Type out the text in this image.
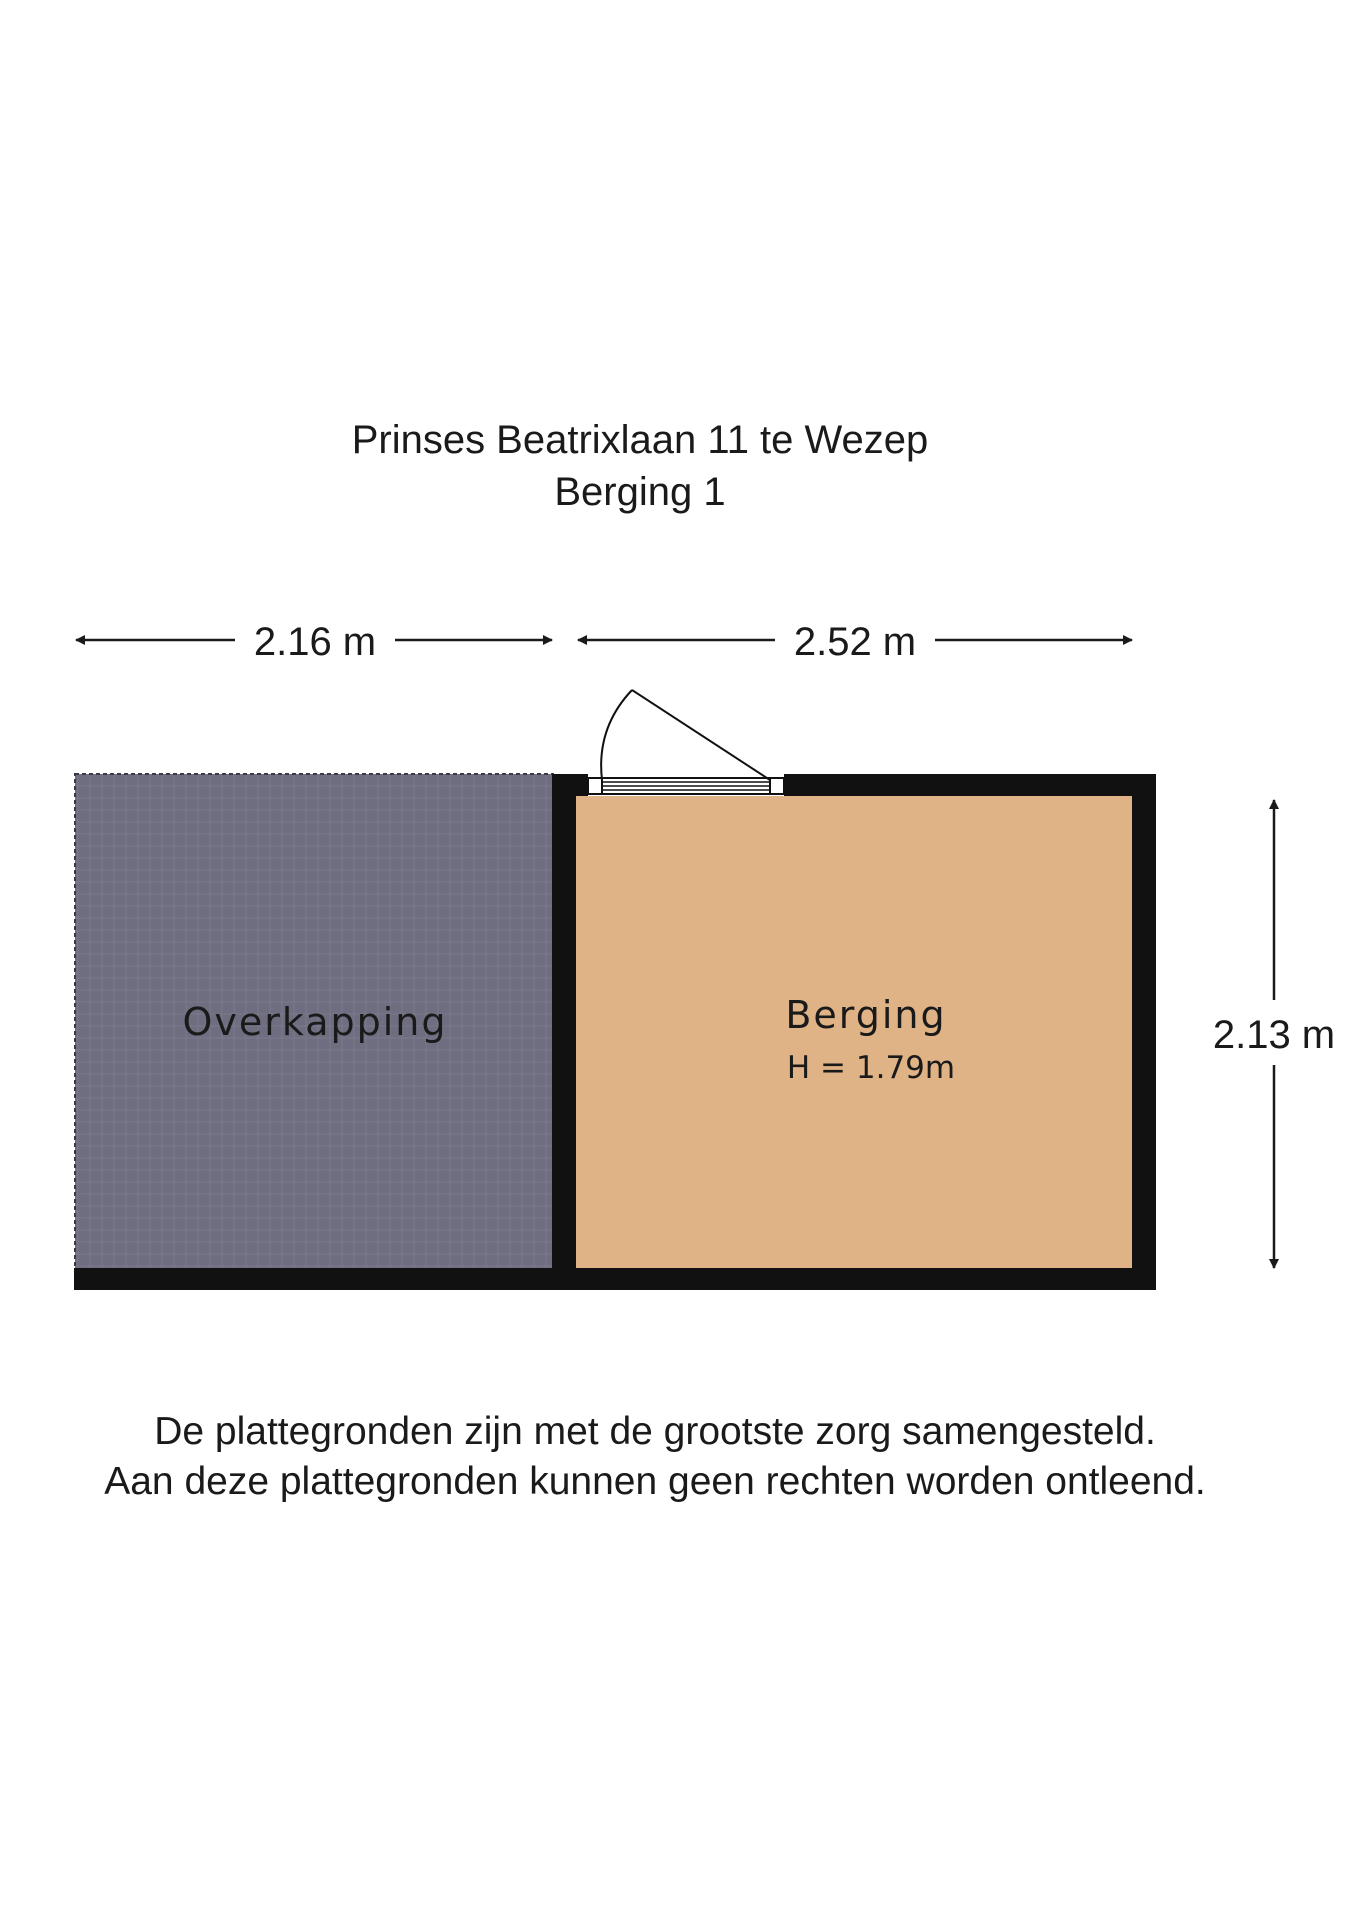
Prinses Beatrixlaan 11 te Wezep
Berging 1
2.16 m	2.52 m
2.13 m
Overkapping	Berging
H = 1.79m
De plattegronden zijn met de grootste zorg samengesteld.
Aan deze plattegronden kunnen geen rechten worden ontleend.
